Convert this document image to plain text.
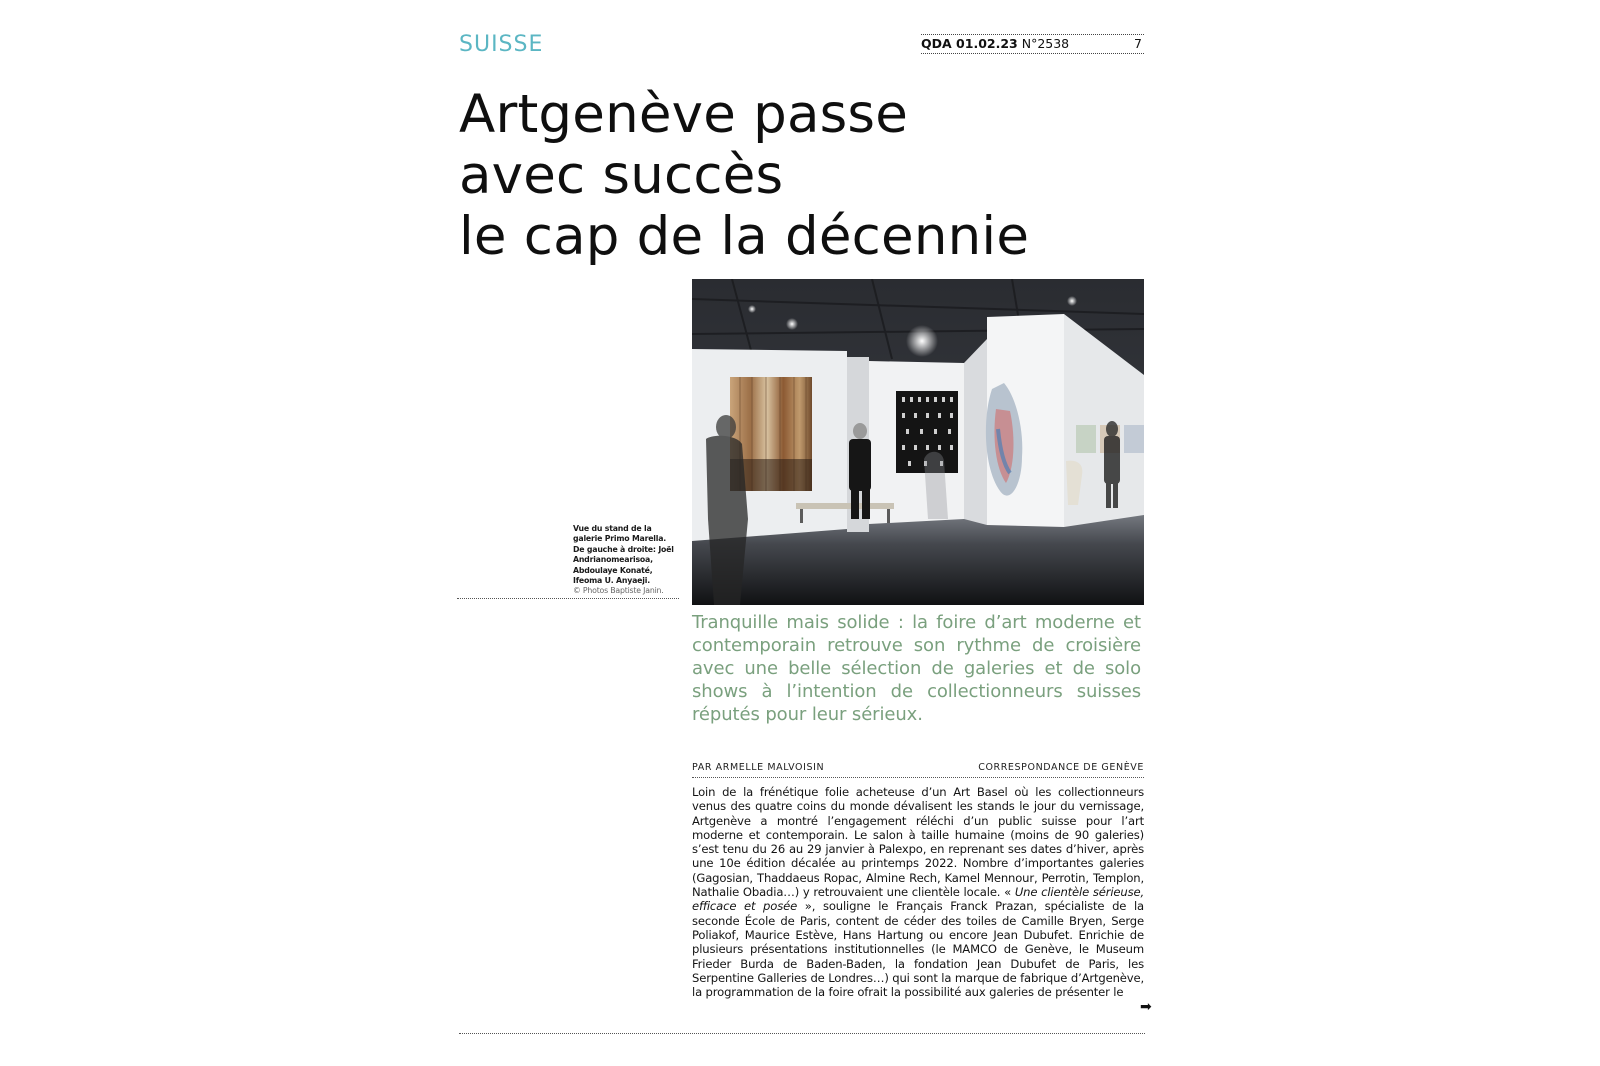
SUISSE	QDA 01.02.23 N°2538	7
Artgenève passe
avec succès
le cap de la décennie
Vue du stand de la galerie Primo Marella. De gauche à droite: Joël Andrianomearisoa, Abdoulaye Konaté, Ifeoma U. Anyaeji.
© Photos Baptiste Janin.
Tranquille mais solide : la foire d’art moderne et contemporain retrouve son rythme de croisière avec une belle sélection de galeries et de solo shows à l’intention de collectionneurs suisses réputés pour leur sérieux.
PAR ARMELLE MALVOISIN	CORRESPONDANCE DE GENÈVE
Loin de la frénétique folie acheteuse d’un Art Basel où les collectionneurs venus des quatre coins du monde dévalisent les stands le jour du vernissage, Artgenève a montré l’engagement réléchi d’un public suisse pour l’art moderne et contemporain. Le salon à taille humaine (moins de 90 galeries) s’est tenu du 26 au 29 janvier à Palexpo, en reprenant ses dates d’hiver, après une 10e édition décalée au printemps 2022. Nombre d’importantes galeries (Gagosian, Thaddaeus Ropac, Almine Rech, Kamel Mennour, Perrotin, Templon, Nathalie Obadia…) y retrouvaient une clientèle locale. « Une clientèle sérieuse, efficace et posée », souligne le Français Franck Prazan, spécialiste de la seconde École de Paris, content de céder des toiles de Camille Bryen, Serge Poliakof, Maurice Estève, Hans Hartung ou encore Jean Dubufet. Enrichie de plusieurs présentations institutionnelles (le MAMCO de Genève, le Museum Frieder Burda de Baden-Baden, la fondation Jean Dubufet de Paris, les Serpentine Galleries de Londres…) qui sont la marque de fabrique d’Artgenève, la programmation de la foire ofrait la possibilité aux galeries de présenter le
➡
